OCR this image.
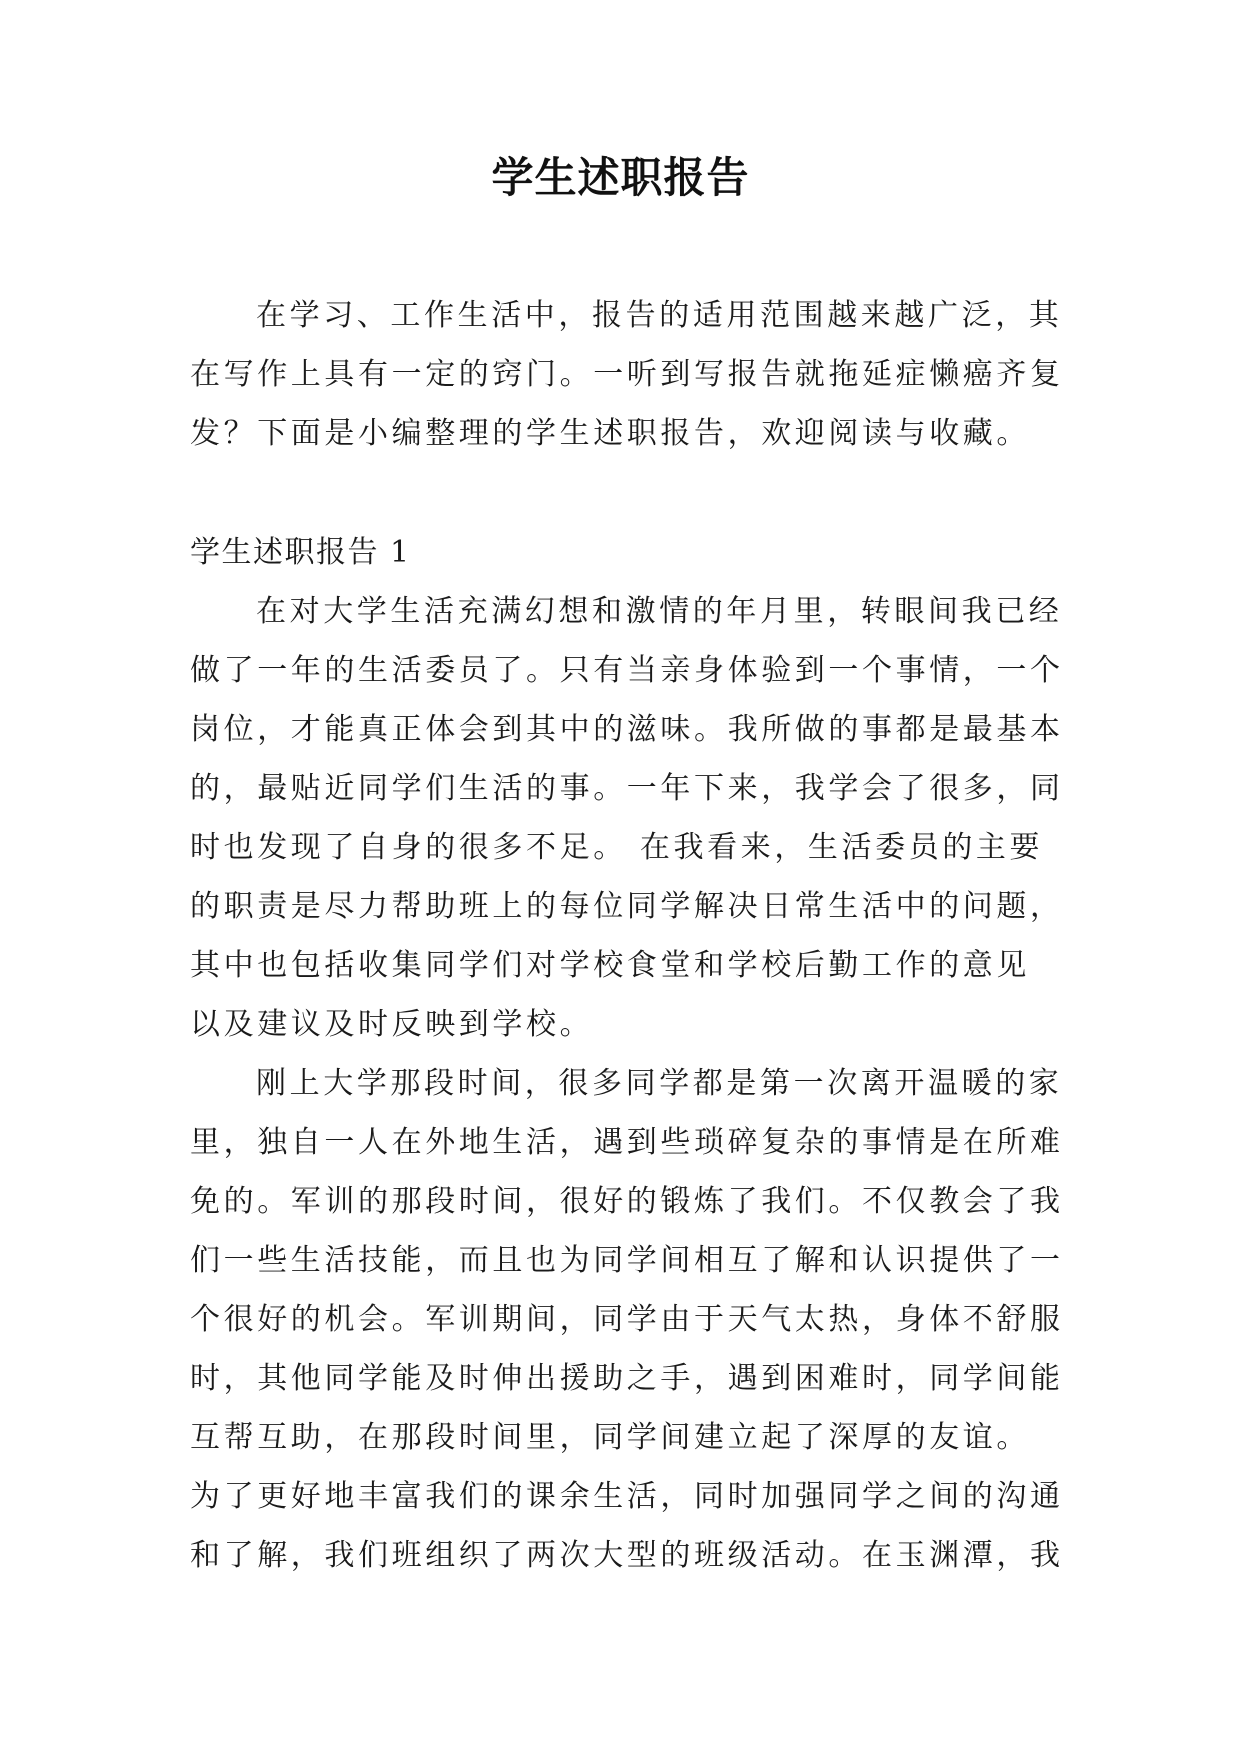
学生述职报告
在学习、工作生活中，报告的适用范围越来越广泛，其
在写作上具有一定的窍门。一听到写报告就拖延症懒癌齐复
发？下面是小编整理的学生述职报告，欢迎阅读与收藏。
学生述职报告 1
在对大学生活充满幻想和激情的年月里，转眼间我已经
做了一年的生活委员了。只有当亲身体验到一个事情，一个
岗位，才能真正体会到其中的滋味。我所做的事都是最基本
的，最贴近同学们生活的事。一年下来，我学会了很多，同
时也发现了自身的很多不足。 在我看来，生活委员的主要
的职责是尽力帮助班上的每位同学解决日常生活中的问题，
其中也包括收集同学们对学校食堂和学校后勤工作的意见
以及建议及时反映到学校。
刚上大学那段时间，很多同学都是第一次离开温暖的家
里，独自一人在外地生活，遇到些琐碎复杂的事情是在所难
免的。军训的那段时间，很好的锻炼了我们。不仅教会了我
们一些生活技能，而且也为同学间相互了解和认识提供了一
个很好的机会。军训期间，同学由于天气太热，身体不舒服
时，其他同学能及时伸出援助之手，遇到困难时，同学间能
互帮互助，在那段时间里，同学间建立起了深厚的友谊。
为了更好地丰富我们的课余生活，同时加强同学之间的沟通
和了解，我们班组织了两次大型的班级活动。在玉渊潭，我
